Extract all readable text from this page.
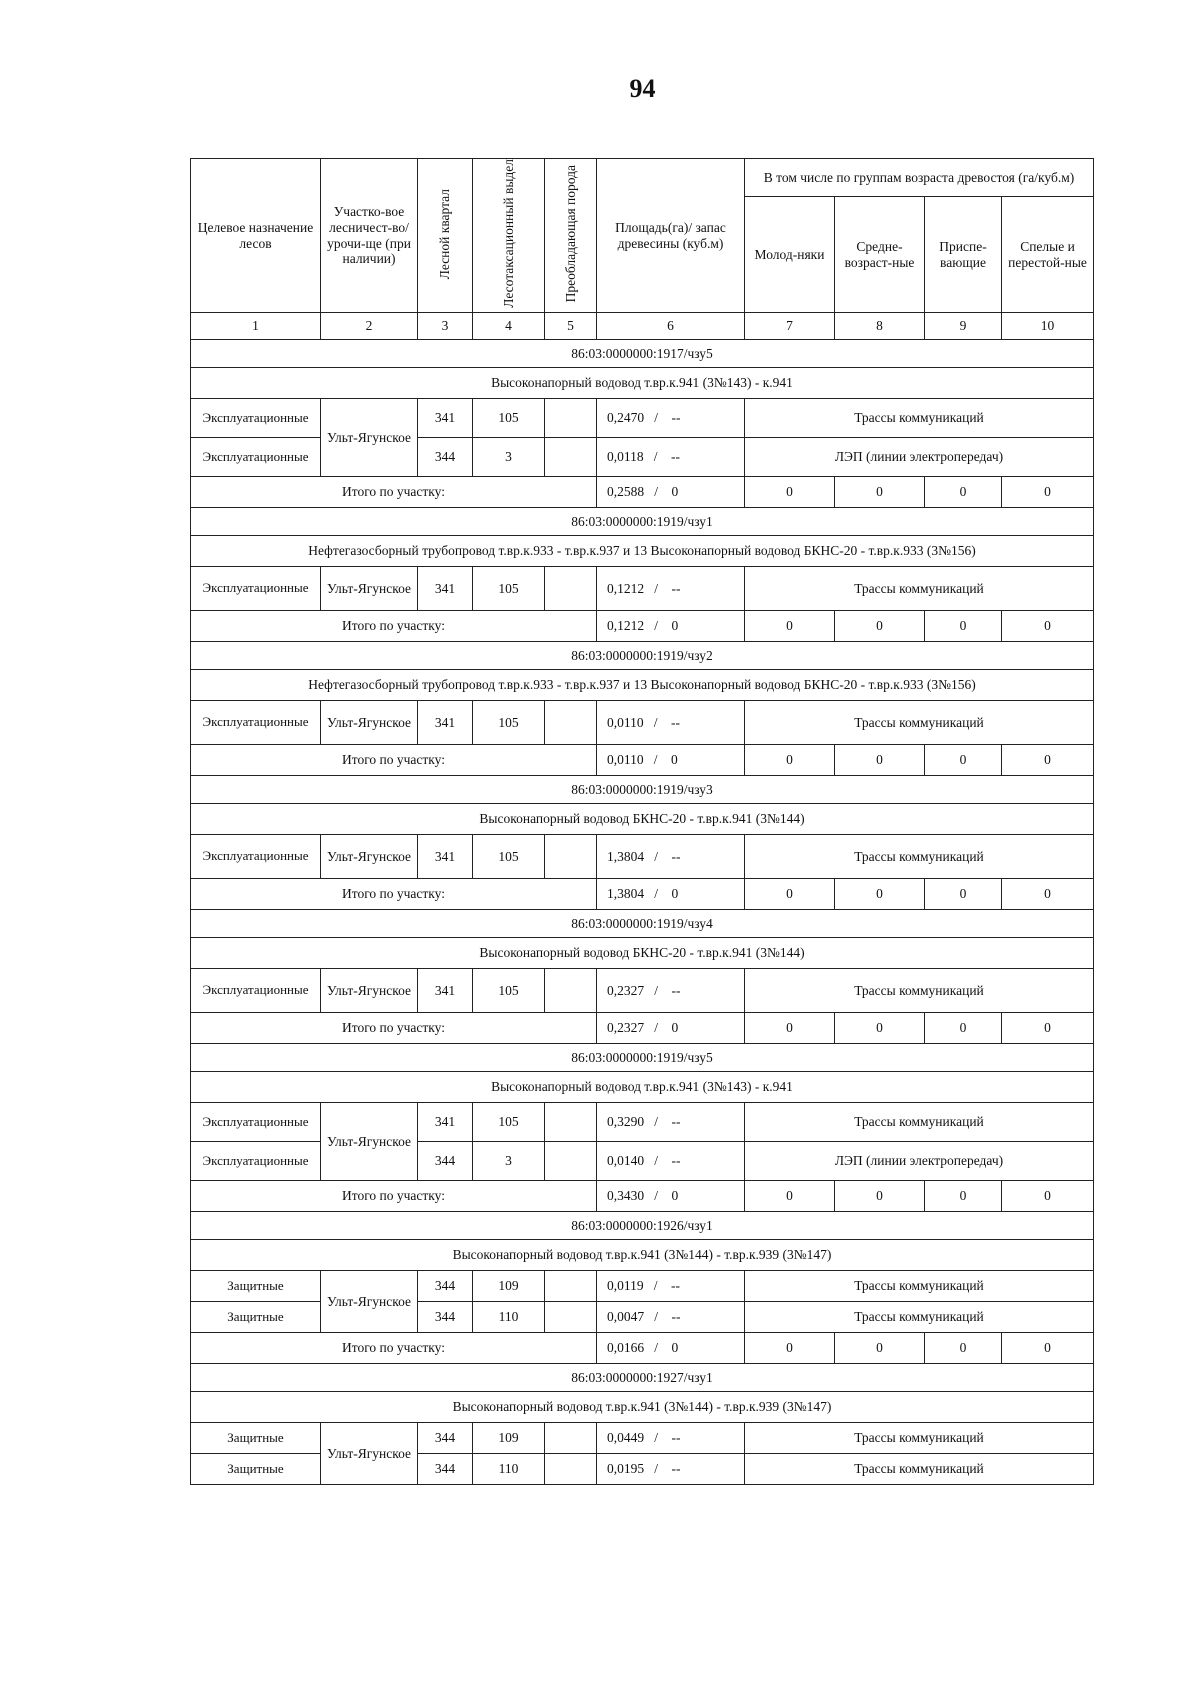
94
Целевое назначение лесов	Участко-вое лесничест-во/урочи-ще (при наличии)	Лесной квартал	Лесотаксационный выдел	Преобладающая порода	Площадь(га)/ запас древесины (куб.м)	В том числе по группам возраста древостоя (га/куб.м)			
						Молод-няки	Средне-возраст-ные	Приспе-вающие	Спелые и перестой-ные
1	2	3	4	5	6	7	8	9	10
86:03:0000000:1917/чзу5									
Высоконапорный водовод т.вр.к.941 (3№143) - к.941									
Эксплуатационные	Ульт-Ягунское	341	105		0,2470   /    --	Трассы коммуникаций			
Эксплуатационные		344	3		0,0118   /    --	ЛЭП (линии электропередач)			
Итого по участку:					0,2588   /    0	0	0	0	0
86:03:0000000:1919/чзу1									
Нефтегазосборный трубопровод т.вр.к.933 - т.вр.к.937 и 13 Высоконапорный водовод БКНС-20 - т.вр.к.933 (3№156)									
Эксплуатационные	Ульт-Ягунское	341	105		0,1212   /    --	Трассы коммуникаций			
Итого по участку:					0,1212   /    0	0	0	0	0
86:03:0000000:1919/чзу2									
Нефтегазосборный трубопровод т.вр.к.933 - т.вр.к.937 и 13 Высоконапорный водовод БКНС-20 - т.вр.к.933 (3№156)									
Эксплуатационные	Ульт-Ягунское	341	105		0,0110   /    --	Трассы коммуникаций			
Итого по участку:					0,0110   /    0	0	0	0	0
86:03:0000000:1919/чзу3									
Высоконапорный водовод БКНС-20 - т.вр.к.941 (3№144)									
Эксплуатационные	Ульт-Ягунское	341	105		1,3804   /    --	Трассы коммуникаций			
Итого по участку:					1,3804   /    0	0	0	0	0
86:03:0000000:1919/чзу4									
Высоконапорный водовод БКНС-20 - т.вр.к.941 (3№144)									
Эксплуатационные	Ульт-Ягунское	341	105		0,2327   /    --	Трассы коммуникаций			
Итого по участку:					0,2327   /    0	0	0	0	0
86:03:0000000:1919/чзу5									
Высоконапорный водовод т.вр.к.941 (3№143) - к.941									
Эксплуатационные	Ульт-Ягунское	341	105		0,3290   /    --	Трассы коммуникаций			
Эксплуатационные		344	3		0,0140   /    --	ЛЭП (линии электропередач)			
Итого по участку:					0,3430   /    0	0	0	0	0
86:03:0000000:1926/чзу1									
Высоконапорный водовод т.вр.к.941 (3№144) - т.вр.к.939 (3№147)									
Защитные	Ульт-Ягунское	344	109		0,0119   /    --	Трассы коммуникаций			
Защитные		344	110		0,0047   /    --	Трассы коммуникаций			
Итого по участку:					0,0166   /    0	0	0	0	0
86:03:0000000:1927/чзу1									
Высоконапорный водовод т.вр.к.941 (3№144) - т.вр.к.939 (3№147)									
Защитные	Ульт-Ягунское	344	109		0,0449   /    --	Трассы коммуникаций			
Защитные		344	110		0,0195   /    --	Трассы коммуникаций			
